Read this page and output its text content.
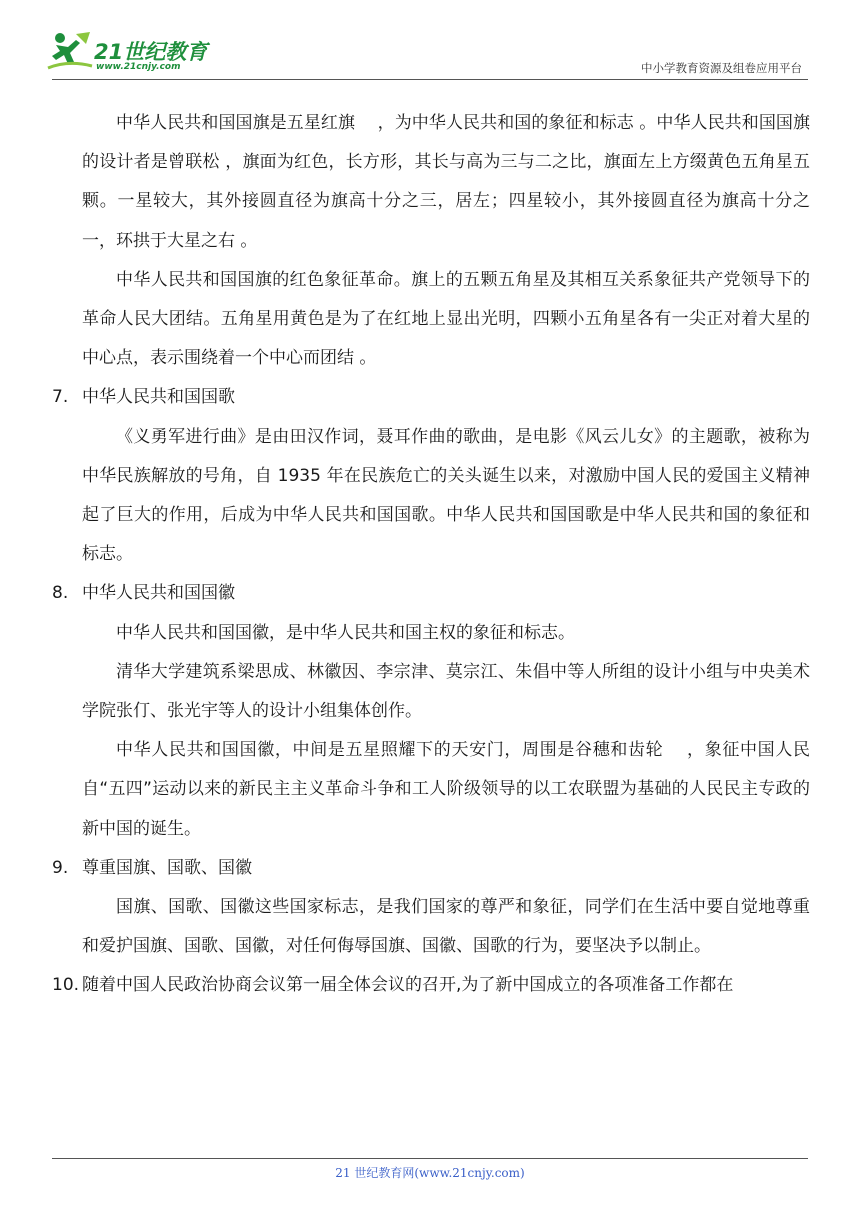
21世纪教育
www.21cnjy.com	中小学教育资源及组卷应用平台

中华人民共和国国旗是五星红旗　 ，为中华人民共和国的象征和标志 。中华人民共和国国旗的设计者是曾联松 ，旗面为红色，长方形，其长与高为三与二之比，旗面左上方缀黄色五角星五颗。一星较大，其外接圆直径为旗高十分之三，居左；四星较小，其外接圆直径为旗高十分之一，环拱于大星之右 。

中华人民共和国国旗的红色象征革命。旗上的五颗五角星及其相互关系象征共产党领导下的革命人民大团结。五角星用黄色是为了在红地上显出光明，四颗小五角星各有一尖正对着大星的中心点，表示围绕着一个中心而团结 。

7. 中华人民共和国国歌

《义勇军进行曲》是由田汉作词，聂耳作曲的歌曲，是电影《风云儿女》的主题歌，被称为中华民族解放的号角，自 1935 年在民族危亡的关头诞生以来，对激励中国人民的爱国主义精神起了巨大的作用，后成为中华人民共和国国歌。中华人民共和国国歌是中华人民共和国的象征和标志。

8. 中华人民共和国国徽

中华人民共和国国徽，是中华人民共和国主权的象征和标志。

清华大学建筑系梁思成、林徽因、李宗津、莫宗江、朱倡中等人所组的设计小组与中央美术学院张仃、张光宇等人的设计小组集体创作。

中华人民共和国国徽，中间是五星照耀下的天安门，周围是谷穗和齿轮　 ，象征中国人民自“五四”运动以来的新民主主义革命斗争和工人阶级领导的以工农联盟为基础的人民民主专政的新中国的诞生。

9. 尊重国旗、国歌、国徽

国旗、国歌、国徽这些国家标志，是我们国家的尊严和象征，同学们在生活中要自觉地尊重和爱护国旗、国歌、国徽，对任何侮辱国旗、国徽、国歌的行为，要坚决予以制止。

10. 随着中国人民政治协商会议第一届全体会议的召开,为了新中国成立的各项准备工作都在

21 世纪教育网(www.21cnjy.com)
